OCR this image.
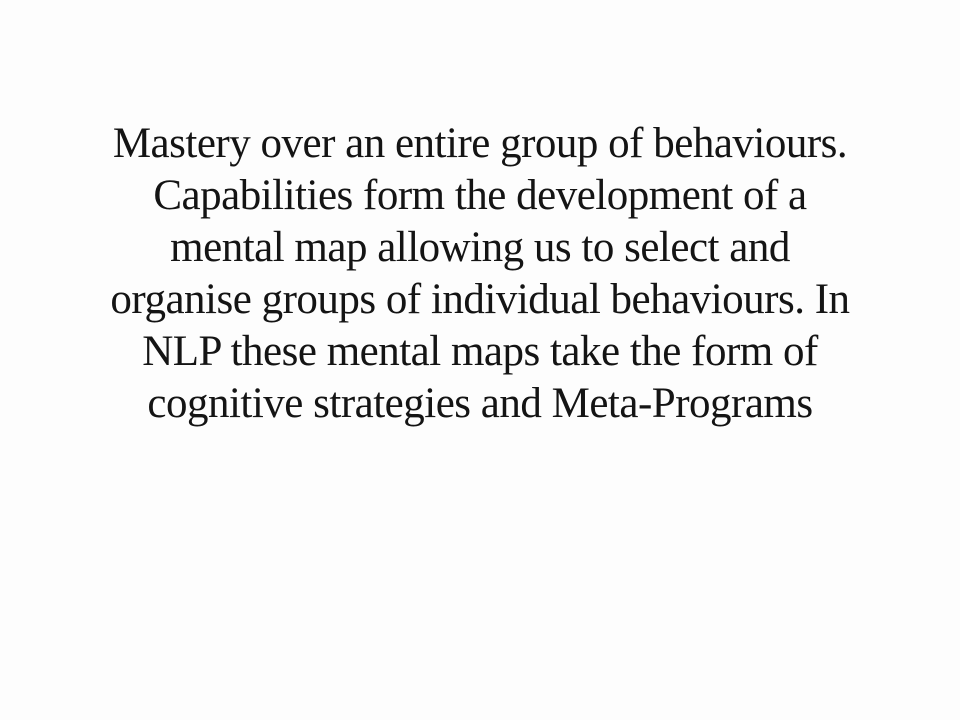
Mastery over an entire group of behaviours.
Capabilities form the development of a
mental map allowing us to select and
organise groups of individual behaviours. In
NLP these mental maps take the form of
cognitive strategies and Meta-Programs
